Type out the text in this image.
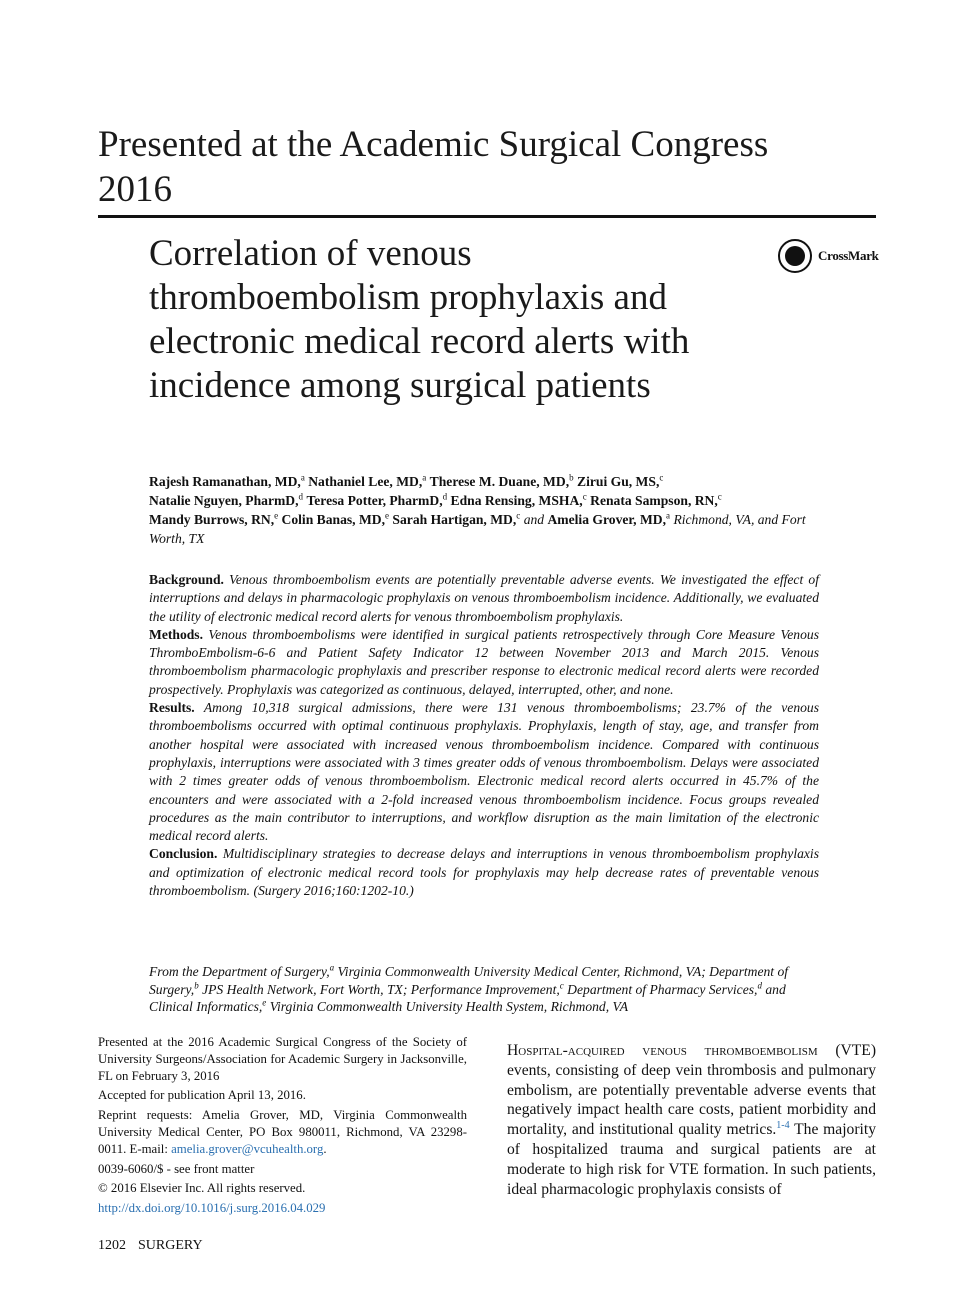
Presented at the Academic Surgical Congress 2016
Correlation of venous thromboembolism prophylaxis and electronic medical record alerts with incidence among surgical patients
CrossMark
Rajesh Ramanathan, MD,$^a$ Nathaniel Lee, MD,$^a$ Therese M. Duane, MD,$^b$ Zirui Gu, MS,$^c$
Natalie Nguyen, PharmD,$^d$ Teresa Potter, PharmD,$^d$ Edna Rensing, MSHA,$^c$ Renata Sampson, RN,$^c$
Mandy Burrows, RN,$^e$ Colin Banas, MD,$^e$ Sarah Hartigan, MD,$^c$ and Amelia Grover, MD,$^a$ Richmond, VA, and Fort Worth, TX

Background. Venous thromboembolism events are potentially preventable adverse events. We investigated the effect of interruptions and delays in pharmacologic prophylaxis on venous thromboembolism incidence. Additionally, we evaluated the utility of electronic medical record alerts for venous thromboembolism prophylaxis.

Methods. Venous thromboembolisms were identified in surgical patients retrospectively through Core Measure Venous ThromboEmbolism-6-6 and Patient Safety Indicator 12 between November 2013 and March 2015. Venous thromboembolism pharmacologic prophylaxis and prescriber response to electronic medical record alerts were recorded prospectively. Prophylaxis was categorized as continuous, delayed, interrupted, other, and none.

Results. Among 10,318 surgical admissions, there were 131 venous thromboembolisms; 23.7% of the venous thromboembolisms occurred with optimal continuous prophylaxis. Prophylaxis, length of stay, age, and transfer from another hospital were associated with increased venous thromboembolism incidence. Compared with continuous prophylaxis, interruptions were associated with 3 times greater odds of venous thromboembolism. Delays were associated with 2 times greater odds of venous thromboembolism. Electronic medical record alerts occurred in 45.7% of the encounters and were associated with a 2-fold increased venous thromboembolism incidence. Focus groups revealed procedures as the main contributor to interruptions, and workflow disruption as the main limitation of the electronic medical record alerts.

Conclusion. Multidisciplinary strategies to decrease delays and interruptions in venous thromboembolism prophylaxis and optimization of electronic medical record tools for prophylaxis may help decrease rates of preventable venous thromboembolism. (Surgery 2016;160:1202-10.)

From the Department of Surgery,$^a$ Virginia Commonwealth University Medical Center, Richmond, VA; Department of Surgery,$^b$ JPS Health Network, Fort Worth, TX; Performance Improvement,$^c$ Department of Pharmacy Services,$^d$ and Clinical Informatics,$^e$ Virginia Commonwealth University Health System, Richmond, VA

Presented at the 2016 Academic Surgical Congress of the Society of University Surgeons/Association for Academic Surgery in Jacksonville, FL on February 3, 2016

Accepted for publication April 13, 2016.

Reprint requests: Amelia Grover, MD, Virginia Commonwealth University Medical Center, PO Box 980011, Richmond, VA 23298-0011. E-mail: amelia.grover@vcuhealth.org.

0039-6060/$ - see front matter

© 2016 Elsevier Inc. All rights reserved.

http://dx.doi.org/10.1016/j.surg.2016.04.029

Hospital-acquired venous thromboembolism (VTE) events, consisting of deep vein thrombosis and pulmonary embolism, are potentially preventable adverse events that negatively impact health care costs, patient morbidity and mortality, and institutional quality metrics.$^{1-4}$ The majority of hospitalized trauma and surgical patients are at moderate to high risk for VTE formation. In such patients, ideal pharmacologic prophylaxis consists of
1202 SURGERY
